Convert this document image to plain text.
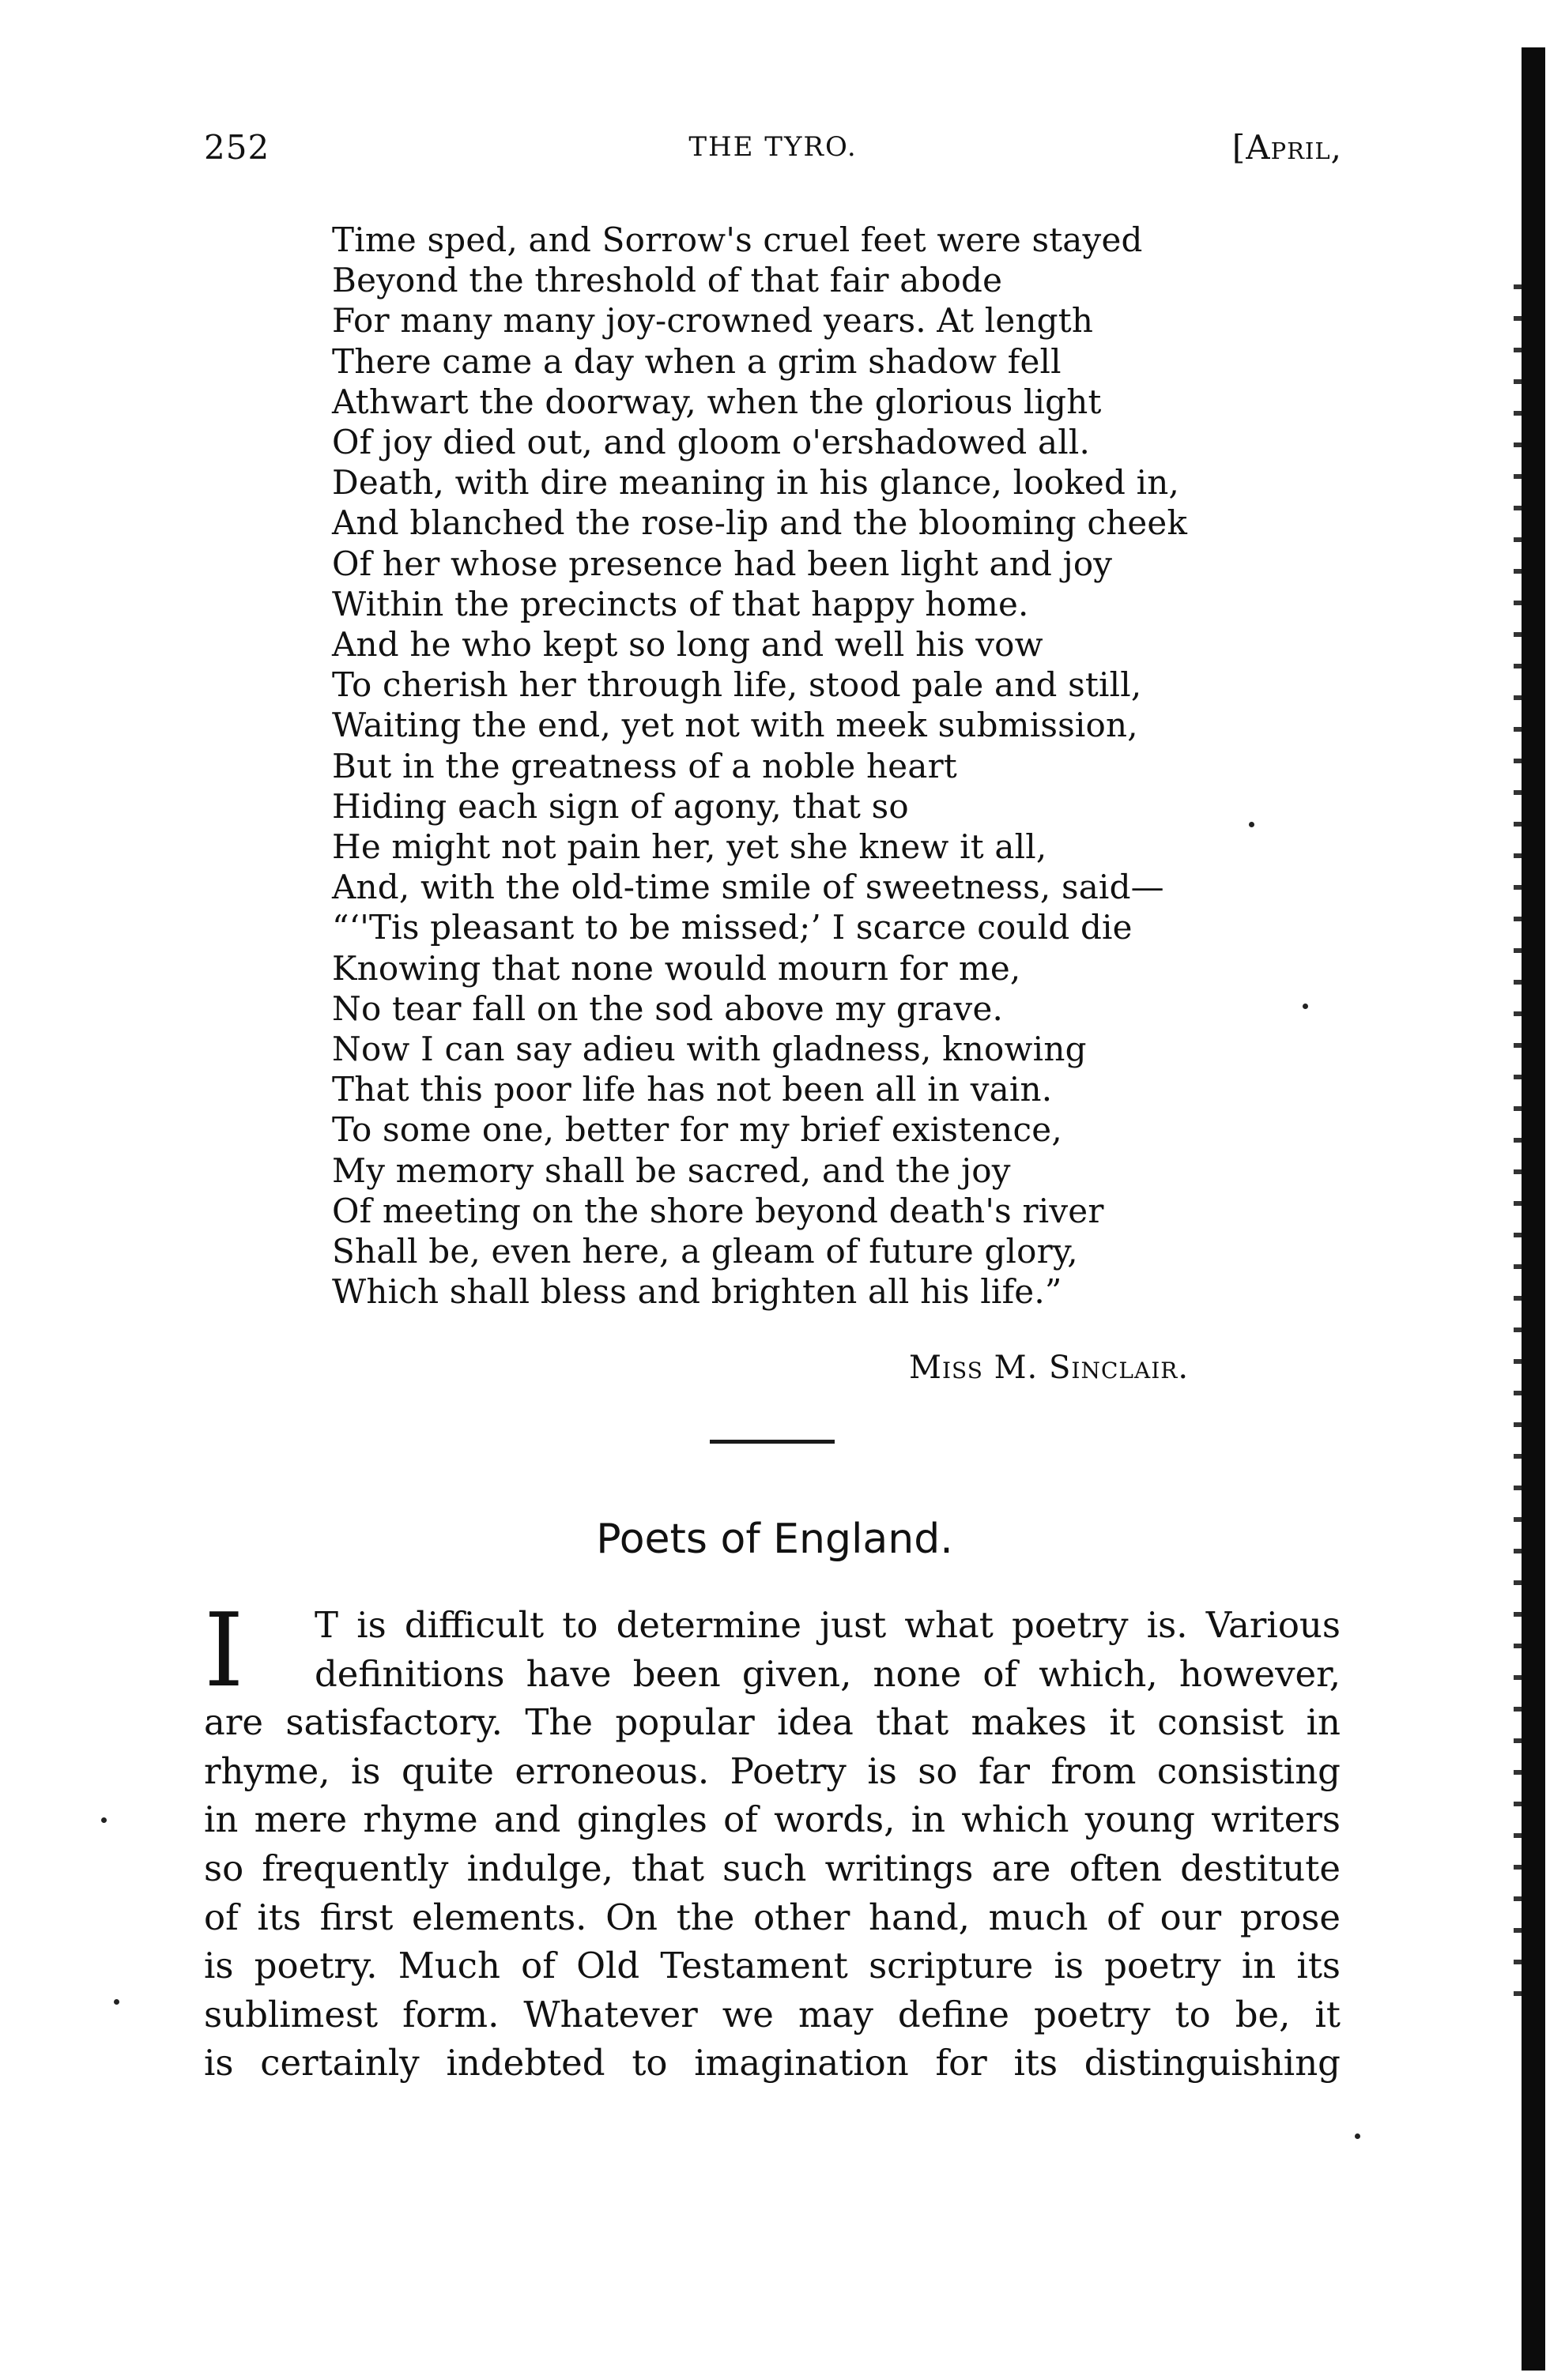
252	THE TYRO.	[April,
Time sped, and Sorrow's cruel feet were stayed
Beyond the threshold of that fair abode
For many many joy-crowned years. At length
There came a day when a grim shadow fell
Athwart the doorway, when the glorious light
Of joy died out, and gloom o'ershadowed all.
Death, with dire meaning in his glance, looked in,
And blanched the rose-lip and the blooming cheek
Of her whose presence had been light and joy
Within the precincts of that happy home.
And he who kept so long and well his vow
To cherish her through life, stood pale and still,
Waiting the end, yet not with meek submission,
But in the greatness of a noble heart
Hiding each sign of agony, that so
He might not pain her, yet she knew it all,
And, with the old-time smile of sweetness, said—
“‘'Tis pleasant to be missed;’ I scarce could die
Knowing that none would mourn for me,
No tear fall on the sod above my grave.
Now I can say adieu with gladness, knowing
That this poor life has not been all in vain.
To some one, better for my brief existence,
My memory shall be sacred, and the joy
Of meeting on the shore beyond death's river
Shall be, even here, a gleam of future glory,
Which shall bless and brighten all his life.”
Miss M. Sinclair.
Poets of England.
I T is difficult to determine just what poetry is. Various
definitions have been given, none of which, however,
are satisfactory. The popular idea that makes it consist in
rhyme, is quite erroneous. Poetry is so far from consisting
in mere rhyme and gingles of words, in which young writers
so frequently indulge, that such writings are often destitute
of its first elements. On the other hand, much of our prose
is poetry. Much of Old Testament scripture is poetry in its
sublimest form. Whatever we may define poetry to be, it
is certainly indebted to imagination for its distinguishing
